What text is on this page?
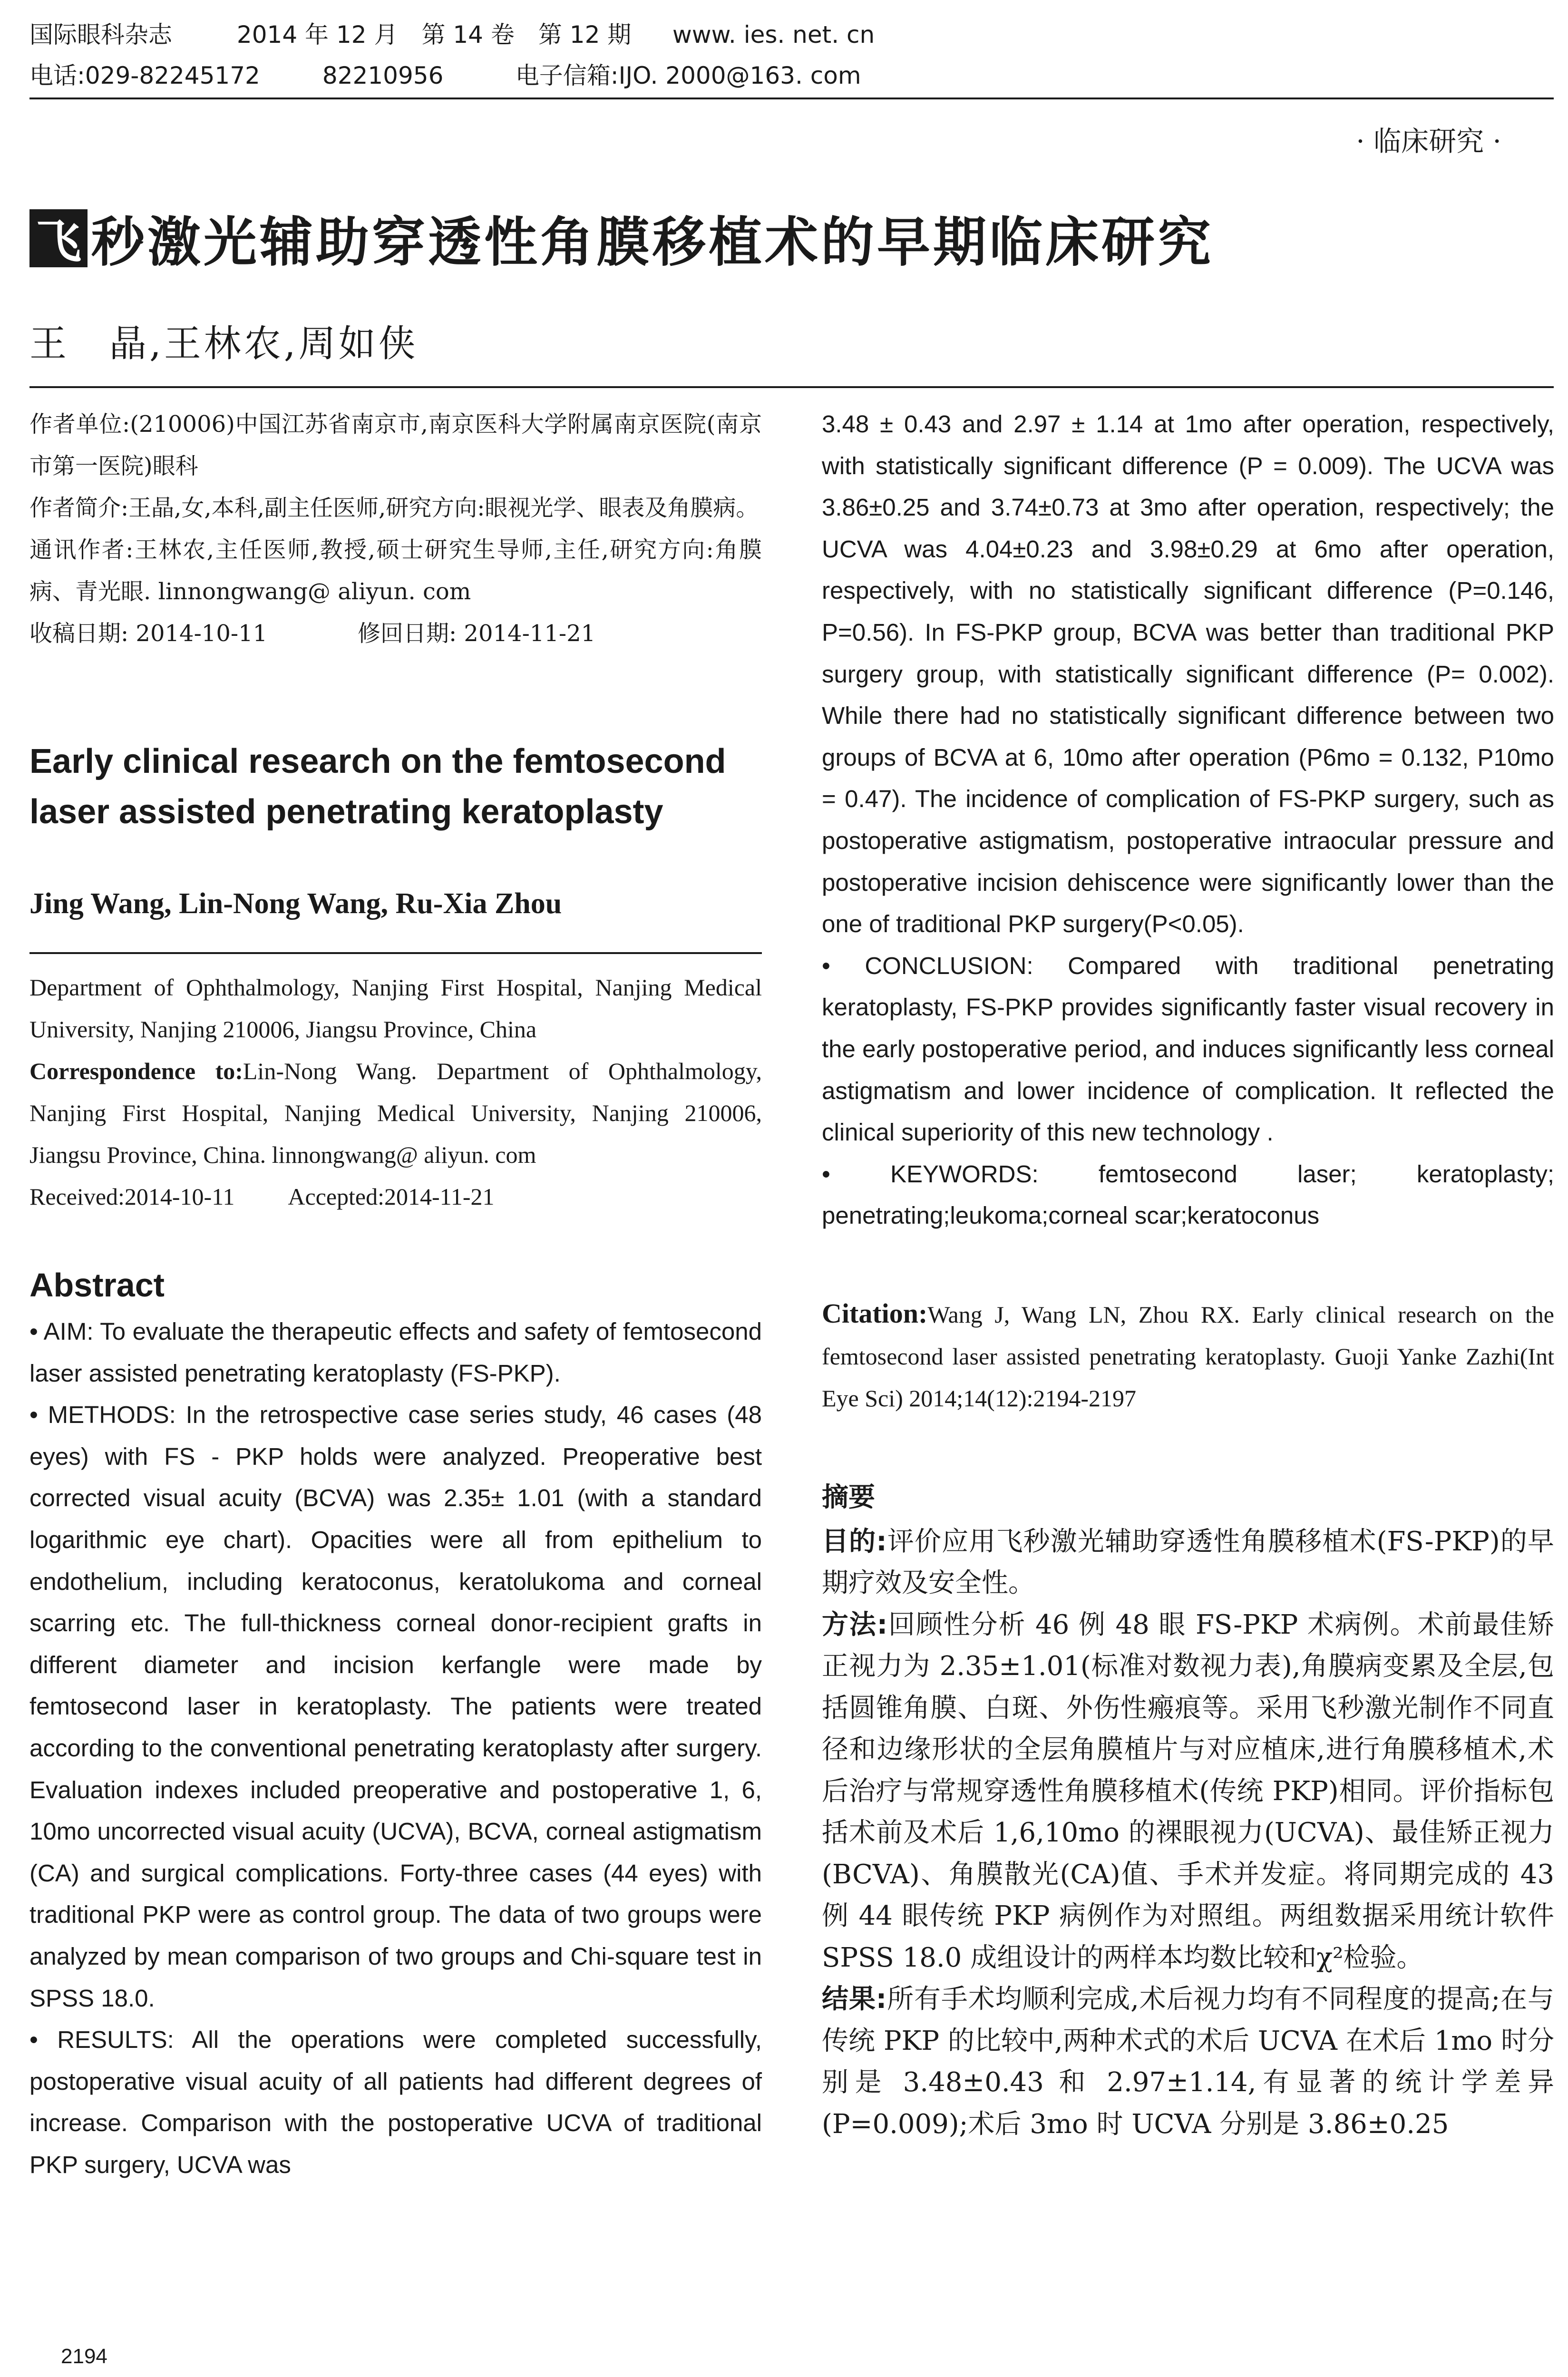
国际眼科杂志	2014 年 12 月　第 14 卷　第 12 期 www. ies. net. cn
电话:029-82245172	82210956	电子信箱:IJO. 2000@163. com
· 临床研究 ·
飞 秒激光辅助穿透性角膜移植术的早期临床研究
王　晶,王林农,周如侠

作者单位:(210006)中国江苏省南京市,南京医科大学附属南京医院(南京市第一医院)眼科

作者简介:王晶,女,本科,副主任医师,研究方向:眼视光学、眼表及角膜病。

通讯作者:王林农,主任医师,教授,硕士研究生导师,主任,研究方向:角膜病、青光眼. linnongwang@ aliyun. com

收稿日期: 2014-10-11	修回日期: 2014-11-21

Early clinical research on the femtosecond laser assisted penetrating keratoplasty

Jing Wang, Lin-Nong Wang, Ru-Xia Zhou

Department of Ophthalmology, Nanjing First Hospital, Nanjing Medical University, Nanjing 210006, Jiangsu Province, China

Correspondence to:Lin-Nong Wang. Department of Ophthalmology, Nanjing First Hospital, Nanjing Medical University, Nanjing 210006, Jiangsu Province, China. linnongwang@ aliyun. com

Received:2014-10-11 Accepted:2014-11-21

Abstract

• AIM: To evaluate the therapeutic effects and safety of femtosecond laser assisted penetrating keratoplasty (FS-PKP).

• METHODS: In the retrospective case series study, 46 cases (48 eyes) with FS - PKP holds were analyzed. Preoperative best corrected visual acuity (BCVA) was 2.35± 1.01 (with a standard logarithmic eye chart). Opacities were all from epithelium to endothelium, including keratoconus, keratolukoma and corneal scarring etc. The full-thickness corneal donor-recipient grafts in different diameter and incision kerfangle were made by femtosecond laser in keratoplasty. The patients were treated according to the conventional penetrating keratoplasty after surgery. Evaluation indexes included preoperative and postoperative 1, 6, 10mo uncorrected visual acuity (UCVA), BCVA, corneal astigmatism (CA) and surgical complications. Forty-three cases (44 eyes) with traditional PKP were as control group. The data of two groups were analyzed by mean comparison of two groups and Chi-square test in SPSS 18.0.

• RESULTS: All the operations were completed successfully, postoperative visual acuity of all patients had different degrees of increase. Comparison with the postoperative UCVA of traditional PKP surgery, UCVA was

3.48 ± 0.43 and 2.97 ± 1.14 at 1mo after operation, respectively, with statistically significant difference (P = 0.009). The UCVA was 3.86±0.25 and 3.74±0.73 at 3mo after operation, respectively; the UCVA was 4.04±0.23 and 3.98±0.29 at 6mo after operation, respectively, with no statistically significant difference (P=0.146, P=0.56). In FS-PKP group, BCVA was better than traditional PKP surgery group, with statistically significant difference (P= 0.002). While there had no statistically significant difference between two groups of BCVA at 6, 10mo after operation (P6mo = 0.132, P10mo = 0.47). The incidence of complication of FS-PKP surgery, such as postoperative astigmatism, postoperative intraocular pressure and postoperative incision dehiscence were significantly lower than the one of traditional PKP surgery(P<0.05).

• CONCLUSION: Compared with traditional penetrating keratoplasty, FS-PKP provides significantly faster visual recovery in the early postoperative period, and induces significantly less corneal astigmatism and lower incidence of complication. It reflected the clinical superiority of this new technology .

• KEYWORDS: femtosecond laser; keratoplasty; penetrating;leukoma;corneal scar;keratoconus

Citation:Wang J, Wang LN, Zhou RX. Early clinical research on the femtosecond laser assisted penetrating keratoplasty. Guoji Yanke Zazhi(Int Eye Sci) 2014;14(12):2194-2197

摘要

目的:评价应用飞秒激光辅助穿透性角膜移植术(FS-PKP)的早期疗效及安全性。

方法:回顾性分析 46 例 48 眼 FS-PKP 术病例。术前最佳矫正视力为 2.35±1.01(标准对数视力表),角膜病变累及全层,包括圆锥角膜、白斑、外伤性瘢痕等。采用飞秒激光制作不同直径和边缘形状的全层角膜植片与对应植床,进行角膜移植术,术后治疗与常规穿透性角膜移植术(传统 PKP)相同。评价指标包括术前及术后 1,6,10mo 的裸眼视力(UCVA)、最佳矫正视力(BCVA)、角膜散光(CA)值、手术并发症。将同期完成的 43 例 44 眼传统 PKP 病例作为对照组。两组数据采用统计软件 SPSS 18.0 成组设计的两样本均数比较和χ²检验。

结果:所有手术均顺利完成,术后视力均有不同程度的提高;在与传统 PKP 的比较中,两种术式的术后 UCVA 在术后 1mo 时分别是 3.48±0.43 和 2.97±1.14,有显著的统计学差异(P=0.009);术后 3mo 时 UCVA 分别是 3.86±0.25

2194
